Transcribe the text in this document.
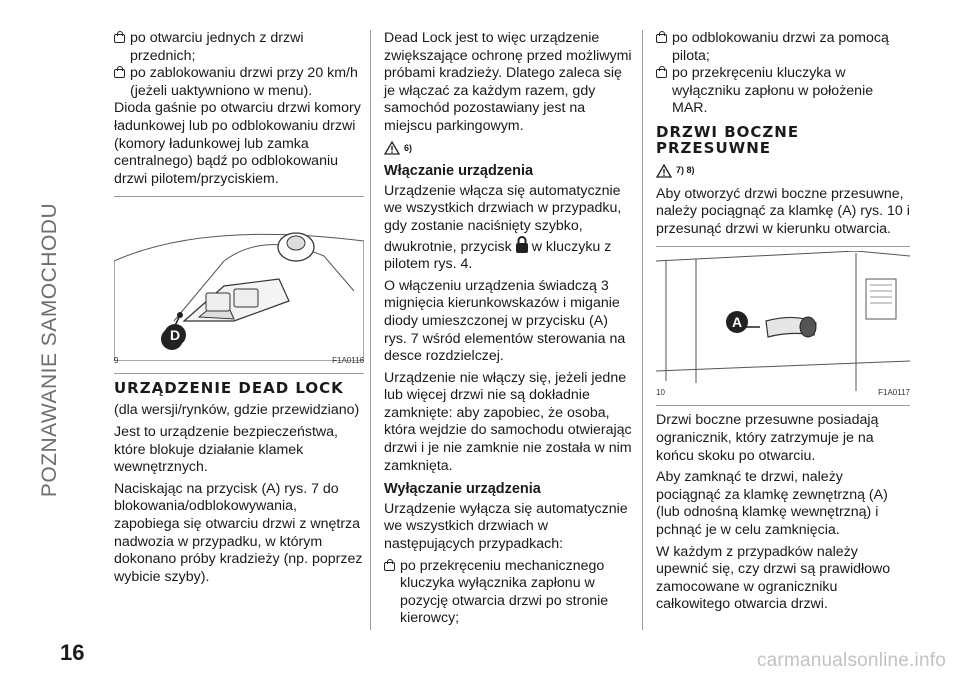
POZNAWANIE SAMOCHODU
16	carmanualsonline.info

po otwarciu jednych z drzwi przednich;

po zablokowaniu drzwi przy 20 km/h (jeżeli uaktywniono w menu).

Dioda gaśnie po otwarciu drzwi komory ładunkowej lub po odblokowaniu drzwi (komory ładunkowej lub zamka centralnego) bądź po odblokowaniu drzwi pilotem/przyciskiem.

D
9	F1A0116
URZĄDZENIE DEAD LOCK

(dla wersji/rynków, gdzie przewidziano)

Jest to urządzenie bezpieczeństwa, które blokuje działanie klamek wewnętrznych.

Naciskając na przycisk (A) rys. 7 do blokowania/odblokowywania, zapobiega się otwarciu drzwi z wnętrza nadwozia w przypadku, w którym dokonano próby kradzieży (np. poprzez wybicie szyby).

Dead Lock jest to więc urządzenie zwiększające ochronę przed możliwymi próbami kradzieży. Dlatego zaleca się je włączać za każdym razem, gdy samochód pozostawiany jest na miejscu parkingowym.

6)
Włączanie urządzenia

Urządzenie włącza się automatycznie we wszystkich drzwiach w przypadku, gdy zostanie naciśnięty szybko, dwukrotnie, przycisk w kluczyku z pilotem rys. 4.

O włączeniu urządzenia świadczą 3 mignięcia kierunkowskazów i miganie diody umieszczonej w przycisku (A) rys. 7 wśród elementów sterowania na desce rozdzielczej.

Urządzenie nie włączy się, jeżeli jedne lub więcej drzwi nie są dokładnie zamknięte: aby zapobiec, że osoba, która wejdzie do samochodu otwierając drzwi i je nie zamknie nie została w nim zamknięta.

Wyłączanie urządzenia

Urządzenie wyłącza się automatycznie we wszystkich drzwiach w następujących przypadkach:

po przekręceniu mechanicznego kluczyka wyłącznika zapłonu w pozycję otwarcia drzwi po stronie kierowcy;

po odblokowaniu drzwi za pomocą pilota;

po przekręceniu kluczyka w wyłączniku zapłonu w położenie MAR.

DRZWI BOCZNE PRZESUWNE
7) 8)

Aby otworzyć drzwi boczne przesuwne, należy pociągnąć za klamkę (A) rys. 10 i przesunąć drzwi w kierunku otwarcia.

A
10	F1A0117

Drzwi boczne przesuwne posiadają ogranicznik, który zatrzymuje je na końcu skoku po otwarciu.

Aby zamknąć te drzwi, należy pociągnąć za klamkę zewnętrzną (A) (lub odnośną klamkę wewnętrzną) i pchnąć je w celu zamknięcia.

W każdym z przypadków należy upewnić się, czy drzwi są prawidłowo zamocowane w ograniczniku całkowitego otwarcia drzwi.
